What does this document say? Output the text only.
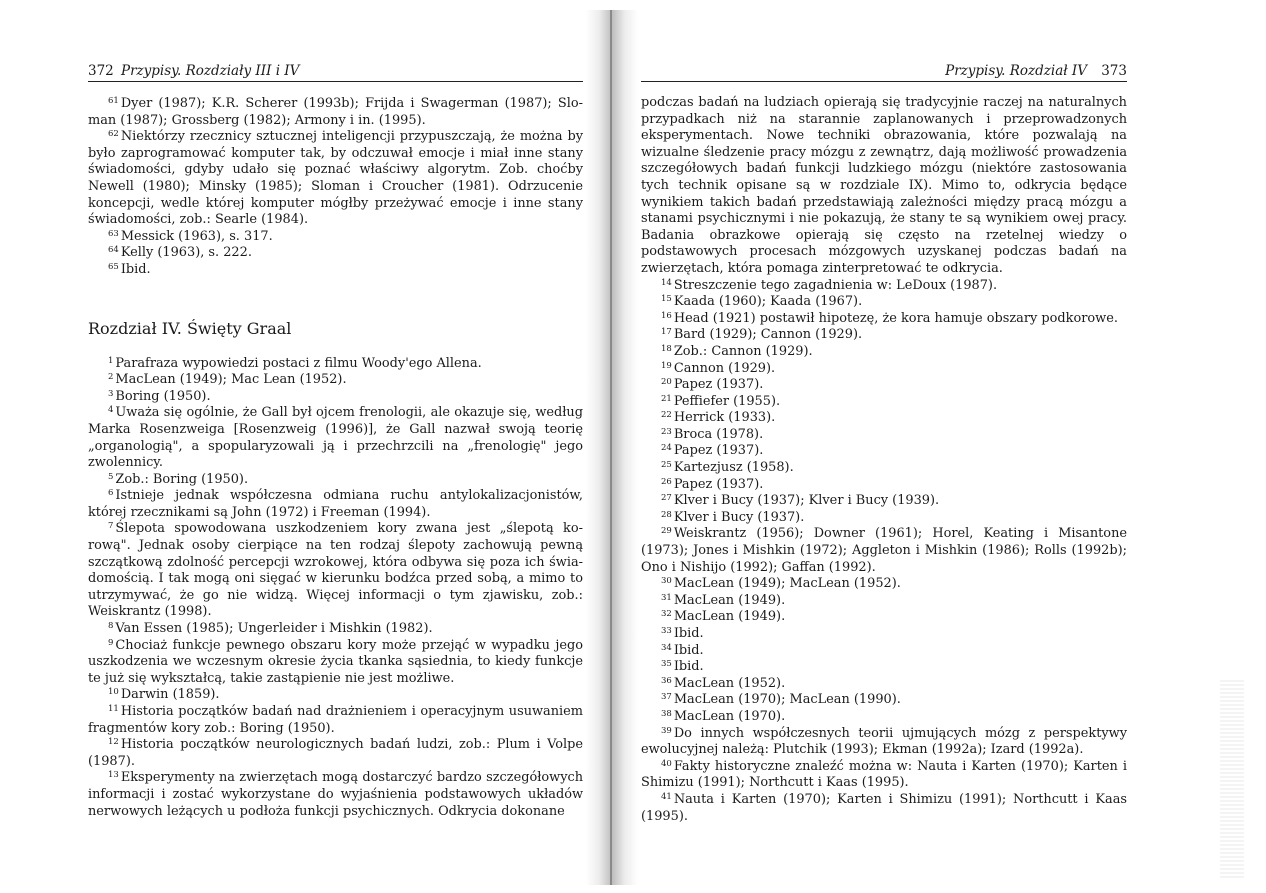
372 Przypisy. Rozdziały III i IV

$^{61}$ Dyer (1987); K.R. Scherer (1993b); Frijda i Swagerman (1987); Sloman (1987); Grossberg (1982); Armony i in. (1995).

$^{62}$ Niektórzy rzecznicy sztucznej inteligencji przypuszczają, że można by było zaprogramować komputer tak, by odczuwał emocje i miał inne stany świadomości, gdyby udało się poznać właściwy algorytm. Zob. choćby Newell (1980); Minsky (1985); Sloman i Croucher (1981). Odrzucenie koncepcji, wedle której komputer mógłby przeżywać emocje i inne stany świadomości, zob.: Searle (1984).

$^{63}$ Messick (1963), s. 317.

$^{64}$ Kelly (1963), s. 222.

$^{65}$ Ibid.

Rozdział IV. Święty Graal

$^1$ Parafraza wypowiedzi postaci z filmu Woody'ego Allena.

$^2$ MacLean (1949); Mac Lean (1952).

$^3$ Boring (1950).

$^4$ Uważa się ogólnie, że Gall był ojcem frenologii, ale okazuje się, według Marka Rosenzweiga [Rosenzweig (1996)], że Gall nazwał swoją teorię „organologią", a spopularyzowali ją i przechrzcili na „frenologię" jego zwolennicy.

$^5$ Zob.: Boring (1950).

$^6$ Istnieje jednak współczesna odmiana ruchu antylokalizacjonistów, której rzecznikami są John (1972) i Freeman (1994).

$^7$ Ślepota spowodowana uszkodzeniem kory zwana jest „ślepotą korową". Jednak osoby cierpiące na ten rodzaj ślepoty zachowują pewną szczątkową zdolność percepcji wzrokowej, która odbywa się poza ich świadomością. I tak mogą oni sięgać w kierunku bodźca przed sobą, a mimo to utrzymywać, że go nie widzą. Więcej informacji o tym zjawisku, zob.: Weiskrantz (1998).

$^8$ Van Essen (1985); Ungerleider i Mishkin (1982).

$^9$ Chociaż funkcje pewnego obszaru kory może przejąć w wypadku jego uszkodzenia we wczesnym okresie życia tkanka sąsiednia, to kiedy funkcje te już się wykształcą, takie zastąpienie nie jest możliwe.

$^{10}$ Darwin (1859).

$^{11}$ Historia początków badań nad drażnieniem i operacyjnym usuwaniem fragmentów kory zob.: Boring (1950).

$^{12}$ Historia początków neurologicznych badań ludzi, zob.: Plum i Volpe (1987).

$^{13}$ Eksperymenty na zwierzętach mogą dostarczyć bardzo szczegółowych informacji i zostać wykorzystane do wyjaśnienia podstawowych układów nerwowych leżących u podłoża funkcji psychicznych. Odkrycia dokonane

Przypisy. Rozdział IV 373

podczas badań na ludziach opierają się tradycyjnie raczej na naturalnych przypadkach niż na starannie zaplanowanych i przeprowadzonych eksperymentach. Nowe techniki obrazowania, które pozwalają na wizualne śledzenie pracy mózgu z zewnątrz, dają możliwość prowadzenia szczegółowych badań funkcji ludzkiego mózgu (niektóre zastosowania tych technik opisane są w rozdziale IX). Mimo to, odkrycia będące wynikiem takich badań przedstawiają zależności między pracą mózgu a stanami psychicznymi i nie pokazują, że stany te są wynikiem owej pracy. Badania obrazkowe opierają się często na rzetelnej wiedzy o podstawowych procesach mózgowych uzyskanej podczas badań na zwierzętach, która pomaga zinterpretować te odkrycia.

$^{14}$ Streszczenie tego zagadnienia w: LeDoux (1987).

$^{15}$ Kaada (1960); Kaada (1967).

$^{16}$ Head (1921) postawił hipotezę, że kora hamuje obszary podkorowe.

$^{17}$ Bard (1929); Cannon (1929).

$^{18}$ Zob.: Cannon (1929).

$^{19}$ Cannon (1929).

$^{20}$ Papez (1937).

$^{21}$ Peffiefer (1955).

$^{22}$ Herrick (1933).

$^{23}$ Broca (1978).

$^{24}$ Papez (1937).

$^{25}$ Kartezjusz (1958).

$^{26}$ Papez (1937).

$^{27}$ Klver i Bucy (1937); Klver i Bucy (1939).

$^{28}$ Klver i Bucy (1937).

$^{29}$ Weiskrantz (1956); Downer (1961); Horel, Keating i Misantone (1973); Jones i Mishkin (1972); Aggleton i Mishkin (1986); Rolls (1992b); Ono i Nishijo (1992); Gaffan (1992).

$^{30}$ MacLean (1949); MacLean (1952).

$^{31}$ MacLean (1949).

$^{32}$ MacLean (1949).

$^{33}$ Ibid.

$^{34}$ Ibid.

$^{35}$ Ibid.

$^{36}$ MacLean (1952).

$^{37}$ MacLean (1970); MacLean (1990).

$^{38}$ MacLean (1970).

$^{39}$ Do innych współczesnych teorii ujmujących mózg z perspektywy ewolucyjnej należą: Plutchik (1993); Ekman (1992a); Izard (1992a).

$^{40}$ Fakty historyczne znaleźć można w: Nauta i Karten (1970); Karten i Shimizu (1991); Northcutt i Kaas (1995).

$^{41}$ Nauta i Karten (1970); Karten i Shimizu (1991); Northcutt i Kaas (1995).
